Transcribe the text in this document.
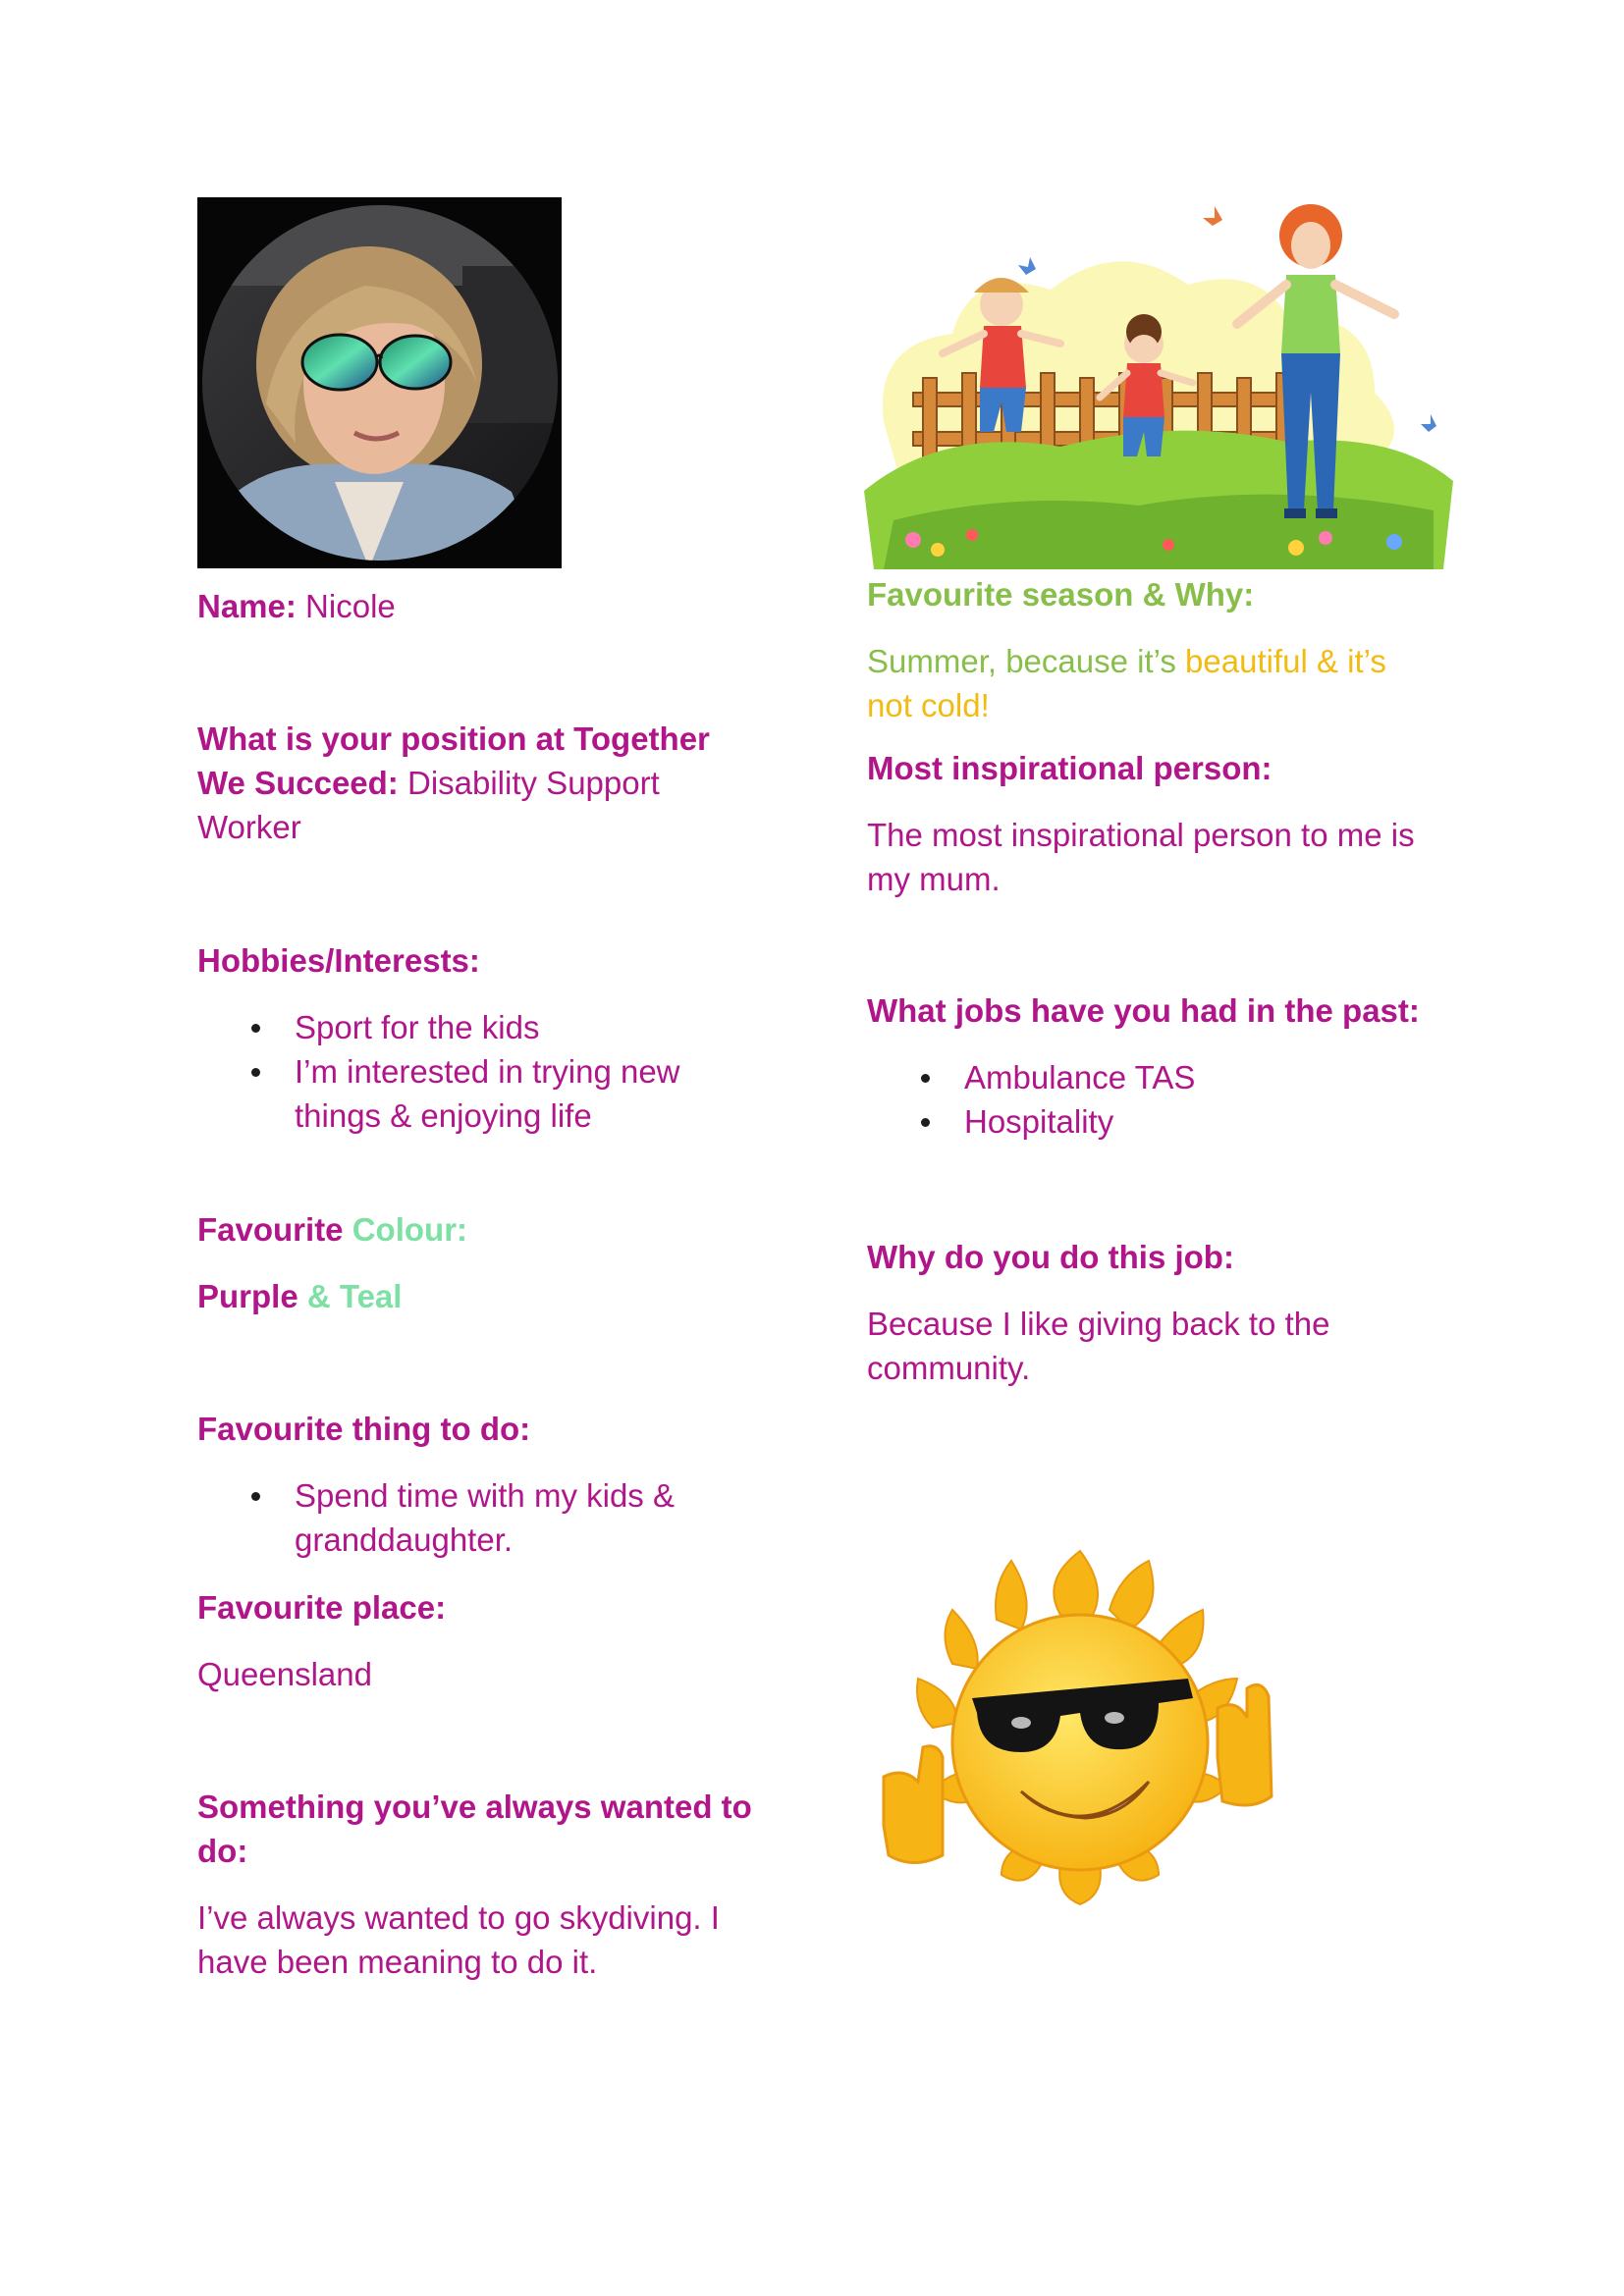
Name: Nicole

What is your position at Together

We Succeed: Disability Support

Worker

Hobbies/Interests:

Sport for the kids
I’m interested in trying new
things & enjoying life

Favourite Colour:

Purple & Teal

Favourite thing to do:

Spend time with my kids &
granddaughter.

Favourite place:

Queensland

Something you’ve always wanted to

do:

I’ve always wanted to go skydiving. I

have been meaning to do it.

Favourite season & Why:

Summer, because it’s beautiful & it’s

not cold!

Most inspirational person:

The most inspirational person to me is

my mum.

What jobs have you had in the past:

Ambulance TAS
Hospitality

Why do you do this job:

Because I like giving back to the

community.
